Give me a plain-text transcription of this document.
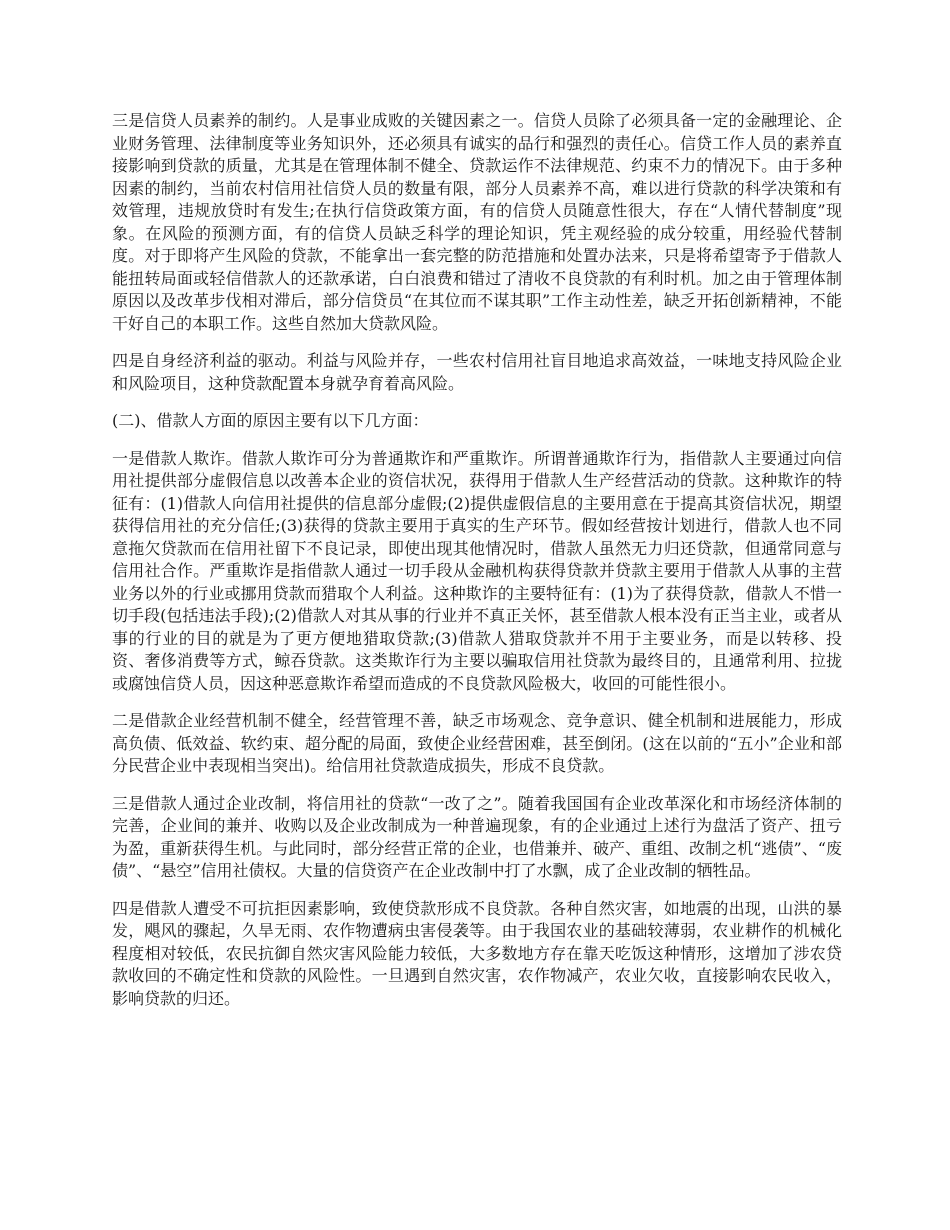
三是信贷人员素养的制约。人是事业成败的关键因素之一。信贷人员除了必须具备一定的金融理论、企业财务管理、法律制度等业务知识外，还必须具有诚实的品行和强烈的责任心。信贷工作人员的素养直接影响到贷款的质量，尤其是在管理体制不健全、贷款运作不法律规范、约束不力的情况下。由于多种因素的制约，当前农村信用社信贷人员的数量有限，部分人员素养不高，难以进行贷款的科学决策和有效管理，违规放贷时有发生;在执行信贷政策方面，有的信贷人员随意性很大，存在“人情代替制度”现象。在风险的预测方面，有的信贷人员缺乏科学的理论知识，凭主观经验的成分较重，用经验代替制度。对于即将产生风险的贷款，不能拿出一套完整的防范措施和处置办法来，只是将希望寄予于借款人能扭转局面或轻信借款人的还款承诺，白白浪费和错过了清收不良贷款的有利时机。加之由于管理体制原因以及改革步伐相对滞后，部分信贷员“在其位而不谋其职”工作主动性差，缺乏开拓创新精神，不能干好自己的本职工作。这些自然加大贷款风险。

四是自身经济利益的驱动。利益与风险并存，一些农村信用社盲目地追求高效益，一味地支持风险企业和风险项目，这种贷款配置本身就孕育着高风险。

(二)、借款人方面的原因主要有以下几方面：

一是借款人欺诈。借款人欺诈可分为普通欺诈和严重欺诈。所谓普通欺诈行为，指借款人主要通过向信用社提供部分虚假信息以改善本企业的资信状况，获得用于借款人生产经营活动的贷款。这种欺诈的特征有：(1)借款人向信用社提供的信息部分虚假;(2)提供虚假信息的主要用意在于提高其资信状况，期望获得信用社的充分信任;(3)获得的贷款主要用于真实的生产环节。假如经营按计划进行，借款人也不同意拖欠贷款而在信用社留下不良记录，即使出现其他情况时，借款人虽然无力归还贷款，但通常同意与信用社合作。严重欺诈是指借款人通过一切手段从金融机构获得贷款并贷款主要用于借款人从事的主营业务以外的行业或挪用贷款而猎取个人利益。这种欺诈的主要特征有：(1)为了获得贷款，借款人不惜一切手段(包括违法手段);(2)借款人对其从事的行业并不真正关怀，甚至借款人根本没有正当主业，或者从事的行业的目的就是为了更方便地猎取贷款;(3)借款人猎取贷款并不用于主要业务，而是以转移、投资、奢侈消费等方式，鲸吞贷款。这类欺诈行为主要以骗取信用社贷款为最终目的，且通常利用、拉拢或腐蚀信贷人员，因这种恶意欺诈希望而造成的不良贷款风险极大，收回的可能性很小。

二是借款企业经营机制不健全，经营管理不善，缺乏市场观念、竞争意识、健全机制和进展能力，形成高负债、低效益、软约束、超分配的局面，致使企业经营困难，甚至倒闭。(这在以前的“五小”企业和部分民营企业中表现相当突出)。给信用社贷款造成损失，形成不良贷款。

三是借款人通过企业改制，将信用社的贷款“一改了之”。随着我国国有企业改革深化和市场经济体制的完善，企业间的兼并、收购以及企业改制成为一种普遍现象，有的企业通过上述行为盘活了资产、扭亏为盈，重新获得生机。与此同时，部分经营正常的企业，也借兼并、破产、重组、改制之机“逃债”、“废债”、“悬空”信用社债权。大量的信贷资产在企业改制中打了水飘，成了企业改制的牺牲品。

四是借款人遭受不可抗拒因素影响，致使贷款形成不良贷款。各种自然灾害，如地震的出现，山洪的暴发，飓风的骤起，久旱无雨、农作物遭病虫害侵袭等。由于我国农业的基础较薄弱，农业耕作的机械化程度相对较低，农民抗御自然灾害风险能力较低，大多数地方存在靠天吃饭这种情形，这增加了涉农贷款收回的不确定性和贷款的风险性。一旦遇到自然灾害，农作物减产，农业欠收，直接影响农民收入，影响贷款的归还。
